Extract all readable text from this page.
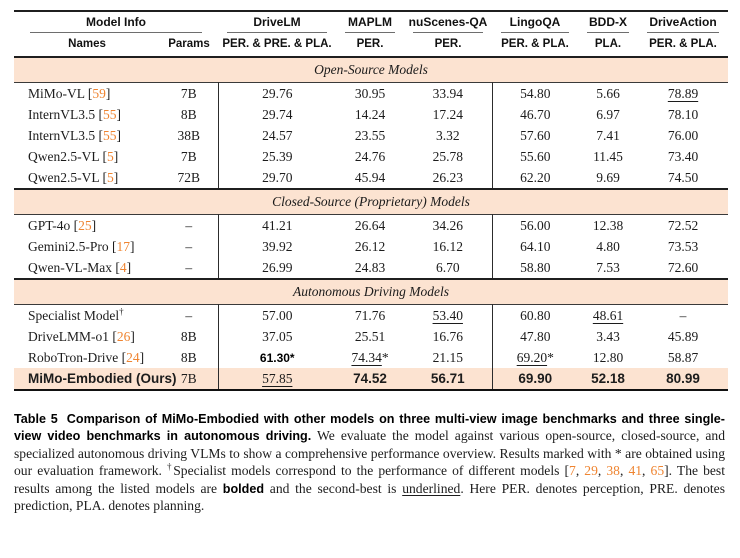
Model Info		DriveLM	MAPLM	nuScenes-QA	LingoQA	BDD-X	DriveAction

Names	Params	PER. & PRE. & PLA.	PER.	PER.	PER. & PLA.	PLA.	PER. & PLA.
Open-Source Models							
MiMo-VL [59]	7B	29.76	30.95	33.94	54.80	5.66	78.89
InternVL3.5 [55]	8B	29.74	14.24	17.24	46.70	6.97	78.10
InternVL3.5 [55]	38B	24.57	23.55	3.32	57.60	7.41	76.00
Qwen2.5-VL [5]	7B	25.39	24.76	25.78	55.60	11.45	73.40
Qwen2.5-VL [5]	72B	29.70	45.94	26.23	62.20	9.69	74.50
Closed-Source (Proprietary) Models							
GPT-4o [25]	–	41.21	26.64	34.26	56.00	12.38	72.52
Gemini2.5-Pro [17]	–	39.92	26.12	16.12	64.10	4.80	73.53
Qwen-VL-Max [4]	–	26.99	24.83	6.70	58.80	7.53	72.60
Autonomous Driving Models							
Specialist Model†	–	57.00	71.76	53.40	60.80	48.61	–
DriveLMM-o1 [26]	8B	37.05	25.51	16.76	47.80	3.43	45.89
RoboTron-Drive [24]	8B	61.30*	74.34*	21.15	69.20*	12.80	58.87
MiMo-Embodied (Ours)	7B	57.85	74.52	56.71	69.90	52.18	80.99

Table 5 Comparison of MiMo-Embodied with other models on three multi-view image benchmarks and three single-view video benchmarks in autonomous driving. We evaluate the model against various open-source, closed-source, and specialized autonomous driving VLMs to show a comprehensive performance overview. Results marked with * are obtained using our evaluation framework. †Specialist models correspond to the performance of different models [7, 29, 38, 41, 65]. The best results among the listed models are bolded and the second-best is underlined. Here PER. denotes perception, PRE. denotes prediction, PLA. denotes planning.
